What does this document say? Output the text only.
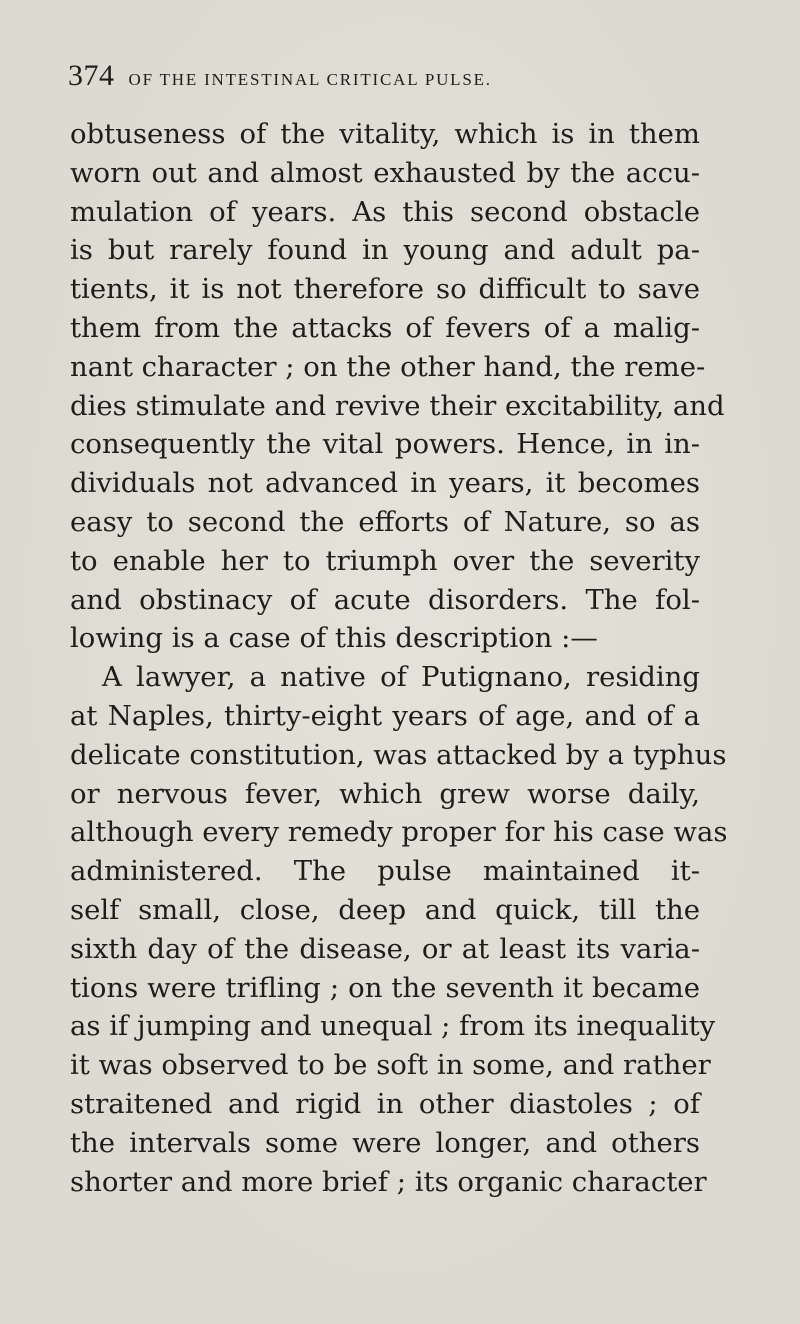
374 OF THE INTESTINAL CRITICAL PULSE.
obtuseness of the vitality, which is in them
worn out and almost exhausted by the accu-
mulation of years. As this second obstacle
is but rarely found in young and adult pa-
tients, it is not therefore so difficult to save
them from the attacks of fevers of a malig-
nant character ; on the other hand, the reme-
dies stimulate and revive their excitability, and
consequently the vital powers. Hence, in in-
dividuals not advanced in years, it becomes
easy to second the efforts of Nature, so as
to enable her to triumph over the severity
and obstinacy of acute disorders. The fol-
lowing is a case of this description :—
A lawyer, a native of Putignano, residing
at Naples, thirty-eight years of age, and of a
delicate constitution, was attacked by a typhus
or nervous fever, which grew worse daily,
although every remedy proper for his case was
administered. The pulse maintained it-
self small, close, deep and quick, till the
sixth day of the disease, or at least its varia-
tions were trifling ; on the seventh it became
as if jumping and unequal ; from its inequality
it was observed to be soft in some, and rather
straitened and rigid in other diastoles ; of
the intervals some were longer, and others
shorter and more brief ; its organic character
